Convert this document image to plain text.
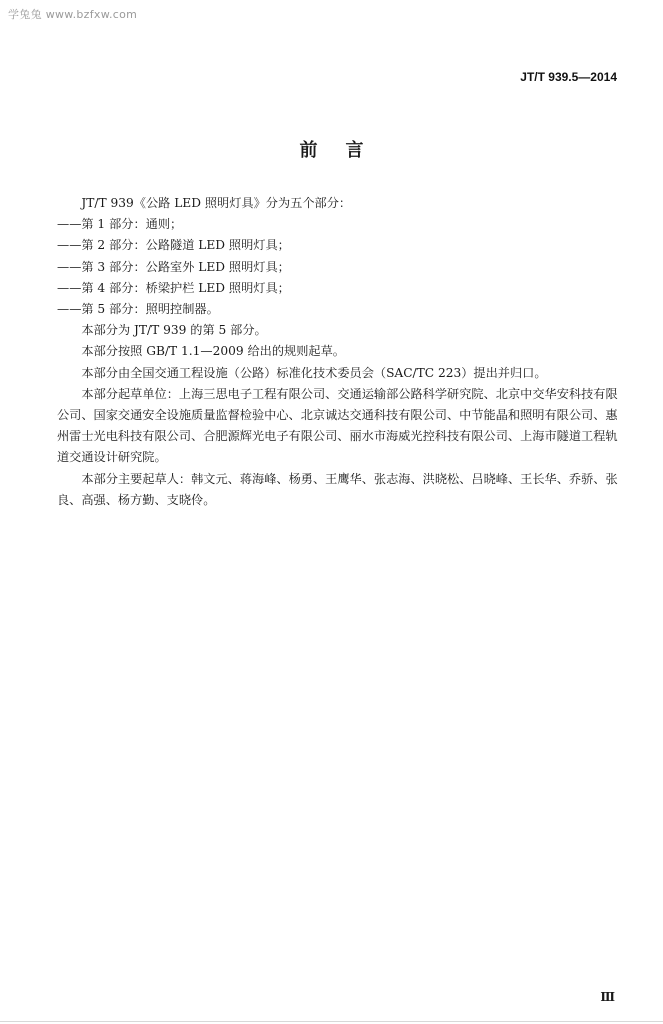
学兔兔 www.bzfxw.com
JT/T 939.5—2014
前言

JT/T 939《公路 LED 照明灯具》分为五个部分：

——第 1 部分：通则；

——第 2 部分：公路隧道 LED 照明灯具；

——第 3 部分：公路室外 LED 照明灯具；

——第 4 部分：桥梁护栏 LED 照明灯具；

——第 5 部分：照明控制器。

本部分为 JT/T 939 的第 5 部分。

本部分按照 GB/T 1.1—2009 给出的规则起草。

本部分由全国交通工程设施（公路）标准化技术委员会（SAC/TC 223）提出并归口。

本部分起草单位：上海三思电子工程有限公司、交通运输部公路科学研究院、北京中交华安科技有限公司、国家交通安全设施质量监督检验中心、北京诚达交通科技有限公司、中节能晶和照明有限公司、惠州雷士光电科技有限公司、合肥源辉光电子有限公司、丽水市海威光控科技有限公司、上海市隧道工程轨道交通设计研究院。

本部分主要起草人：韩文元、蒋海峰、杨勇、王鹰华、张志海、洪晓松、吕晓峰、王长华、乔骄、张良、高强、杨方勤、支晓伶。

Ⅲ
